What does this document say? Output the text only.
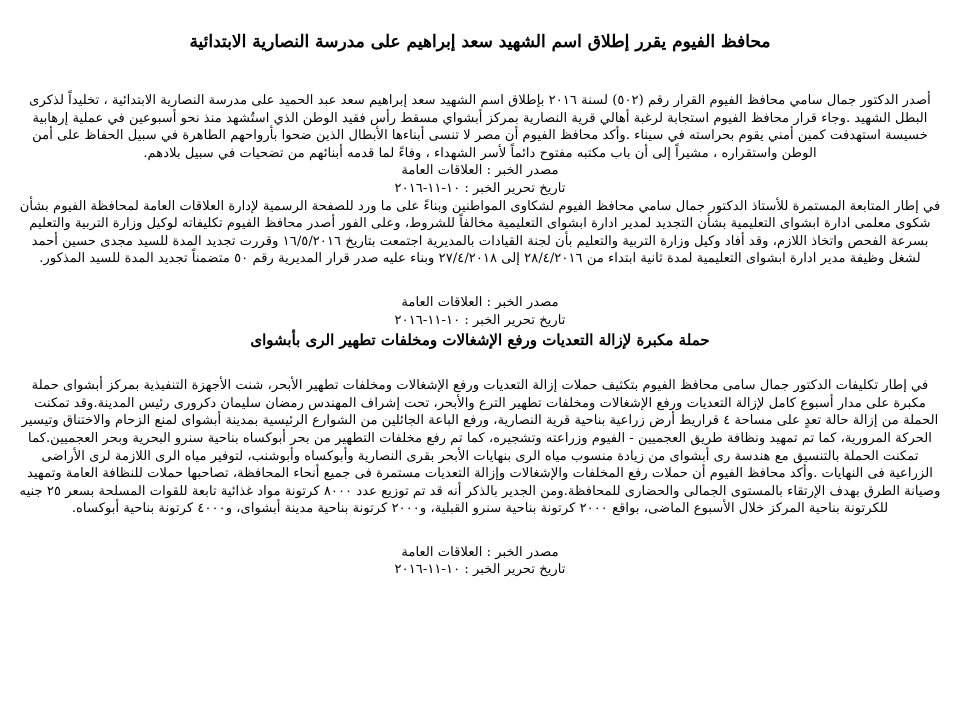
محافظ الفيوم يقرر إطلاق اسم الشهيد سعد إبراهيم على مدرسة النصارية الابتدائية

أصدر الدكتور جمال سامي محافظ الفيوم القرار رقم (٥٠٢) لسنة ٢٠١٦ بإطلاق اسم الشهيد سعد إبراهيم سعد عبد الحميد على مدرسة النصارية الابتدائية ، تخليداً لذكرى البطل الشهيد .وجاء قرار محافظ الفيوم استجابة لرغبة أهالي قرية النصارية بمركز أبشواي مسقط رأس فقيد الوطن الذي استُشهد منذ نحو أسبوعين في عملية إرهابية خسيسة استهدفت كمين أمني يقوم بحراسته في سيناء .وأكد محافظ الفيوم أن مصر لا تنسى أبناءها الأبطال الذين ضحوا بأرواحهم الطاهرة في سبيل الحفاظ على أمن الوطن واستقراره ، مشيراً إلى أن باب مكتبه مفتوح دائماً لأسر الشهداء ، وفاءً لما قدمه أبنائهم من تضحيات في سبيل بلادهم.

مصدر الخبر : العلاقات العامة
تاريخ تحرير الخبر : ١٠-١١-٢٠١٦

في إطار المتابعة المستمرة للأستاذ الدكتور جمال سامي محافظ الفيوم لشكاوى المواطنين وبناءً على ما ورد للصفحة الرسمية لإدارة العلاقات العامة لمحافظة الفيوم بشأن شكوى معلمى ادارة ابشواى التعليمية بشأن التجديد لمدير ادارة ابشواى التعليمية مخالفاً للشروط، وعلى الفور أصدر محافظ الفيوم تكليفاته لوكيل وزارة التربية والتعليم بسرعة الفحص واتخاذ اللازم، وقد أفاد وكيل وزارة التربية والتعليم بأن لجنة القيادات بالمديرية اجتمعت بتاريخ ١٦/٥/٢٠١٦ وقررت تجديد المدة للسيد مجدى حسين أحمد لشغل وظيفة مدير ادارة ابشواى التعليمية لمدة ثانية ابتداء من ٢٨/٤/٢٠١٦ إلى ٢٧/٤/٢٠١٨ وبناء عليه صدر قرار المديرية رقم ٥٠ متضمناً تجديد المدة للسيد المذكور.

مصدر الخبر : العلاقات العامة
تاريخ تحرير الخبر : ١٠-١١-٢٠١٦
حملة مكبرة لإزالة التعديات ورفع الإشغالات ومخلفات تطهير الرى بأبشواى

في إطار تكليفات الدكتور جمال سامى محافظ الفيوم بتكثيف حملات إزالة التعديات ورفع الإشغالات ومخلفات تطهير الأبحر، شنت الأجهزة التنفيذية بمركز أبشواى حملة مكبرة على مدار أسبوع كامل لإزالة التعديات ورفع الإشغالات ومخلفات تطهير الترع والأبحر، تحت إشراف المهندس رمضان سليمان دكرورى رئيس المدينة.وقد تمكنت الحملة من إزالة حالة تعدٍ على مساحة ٤ قراريط أرض زراعية بناحية قرية النصارية، ورفع الباعة الجائلين من الشوارع الرئيسية بمدينة أبشواى لمنع الزحام والاختناق وتيسير الحركة المرورية، كما تم تمهيد ونظافة طريق العجميين - الفيوم وزراعته وتشجيره، كما تم رفع مخلفات التطهير من بحر أبوكساه بناحية سنرو البحرية وبحر العجميين.كما تمكنت الحملة بالتنسيق مع هندسة رى أبشواى من زيادة منسوب مياه الرى بنهايات الأبحر بقرى النصارية وأبوكساه وأبوشنب، لتوفير مياه الرى اللازمة لرى الأراضى الزراعية فى النهايات .وأكد محافظ الفيوم أن حملات رفع المخلفات والإشغالات وإزالة التعديات مستمرة فى جميع أنحاء المحافظة، تصاحبها حملات للنظافة العامة وتمهيد وصيانة الطرق بهدف الإرتقاء بالمستوى الجمالى والحضارى للمحافظة.ومن الجدير بالذكر أنه قد تم توزيع عدد ٨٠٠٠ كرتونة مواد غذائية تابعة للقوات المسلحة بسعر ٢٥ جنيه للكرتونة بناحية المركز خلال الأسبوع الماضى، بواقع ٢٠٠٠ كرتونة بناحية سنرو القبلية، و٢٠٠٠ كرتونة بناحية مدينة أبشواى، و٤٠٠٠ كرتونة بناحية أبوكساه.

مصدر الخبر : العلاقات العامة
تاريخ تحرير الخبر : ١٠-١١-٢٠١٦
